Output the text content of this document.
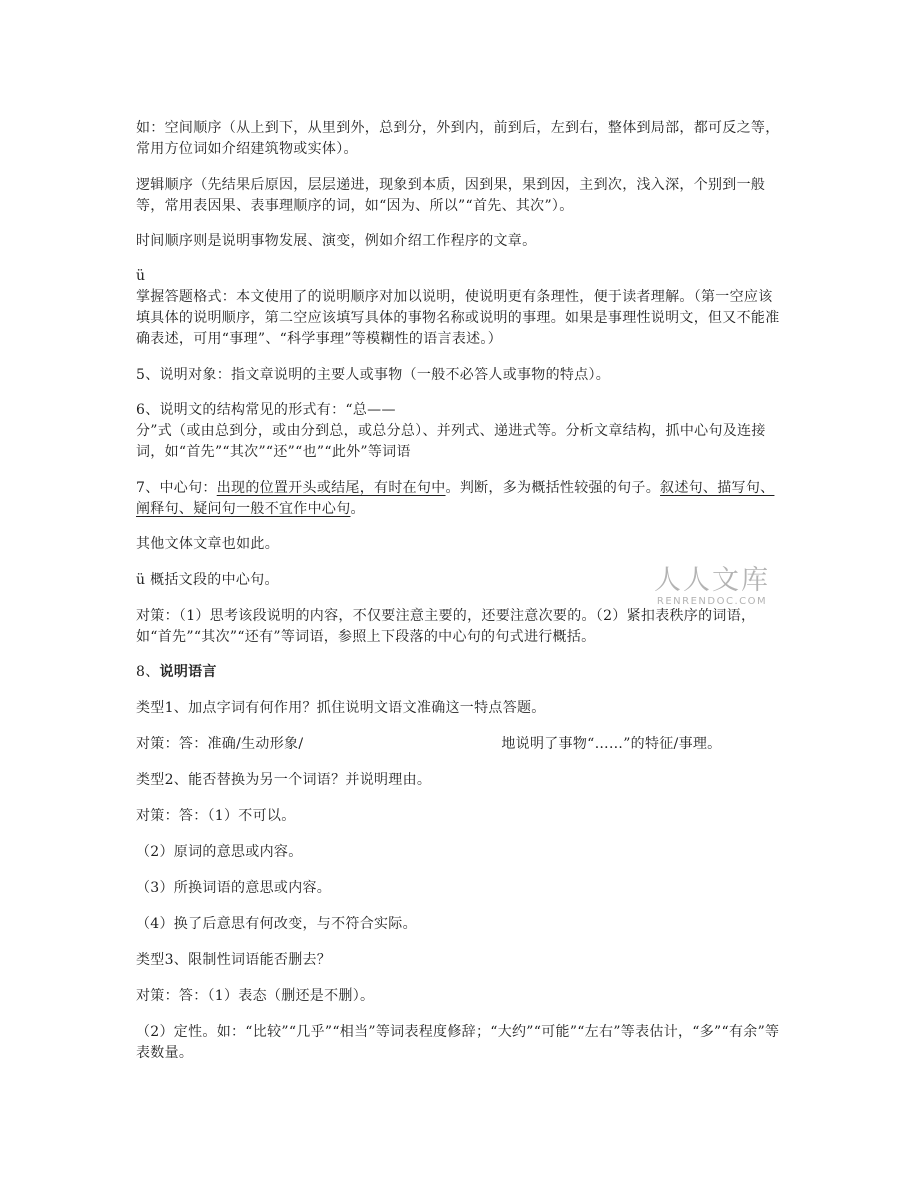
如：空间顺序（从上到下，从里到外，总到分，外到内，前到后，左到右，整体到局部，都可反之等，常用方位词如介绍建筑物或实体）。

逻辑顺序（先结果后原因，层层递进，现象到本质，因到果，果到因，主到次，浅入深，个别到一般等，常用表因果、表事理顺序的词，如“因为、所以”“首先、其次”）。

时间顺序则是说明事物发展、演变，例如介绍工作程序的文章。

ü

掌握答题格式：本文使用了的说明顺序对加以说明，使说明更有条理性，便于读者理解。（第一空应该填具体的说明顺序，第二空应该填写具体的事物名称或说明的事理。如果是事理性说明文，但又不能准确表述，可用“事理”、“科学事理”等模糊性的语言表述。）

5、说明对象：指文章说明的主要人或事物（一般不必答人或事物的特点）。

6、说明文的结构常见的形式有：“总——
分”式（或由总到分，或由分到总，或总分总）、并列式、递进式等。分析文章结构，抓中心句及连接词，如“首先”“其次”“还”“也”“此外”等词语

7、中心句：出现的位置开头或结尾，有时在句中。判断，多为概括性较强的句子。叙述句、描写句、阐释句、疑问句一般不宜作中心句。

其他文体文章也如此。

ü 概括文段的中心句。

对策：（1）思考该段说明的内容，不仅要注意主要的，还要注意次要的。（2）紧扣表秩序的词语，如“首先”“其次”“还有”等词语，参照上下段落的中心句的句式进行概括。

8、说明语言

类型1、加点字词有何作用？抓住说明文语文准确这一特点答题。

对策：答：准确/生动形象/	地说明了事物“……”的特征/事理。

类型2、能否替换为另一个词语？并说明理由。

对策：答：（1）不可以。

（2）原词的意思或内容。

（3）所换词语的意思或内容。

（4）换了后意思有何改变，与不符合实际。

类型3、限制性词语能否删去？

对策：答：（1）表态（删还是不删）。

（2）定性。如：“比较”“几乎”“相当”等词表程度修辞；“大约”“可能”“左右”等表估计，“多”“有余”等表数量。

人人文库
RENRENDOC.COM
